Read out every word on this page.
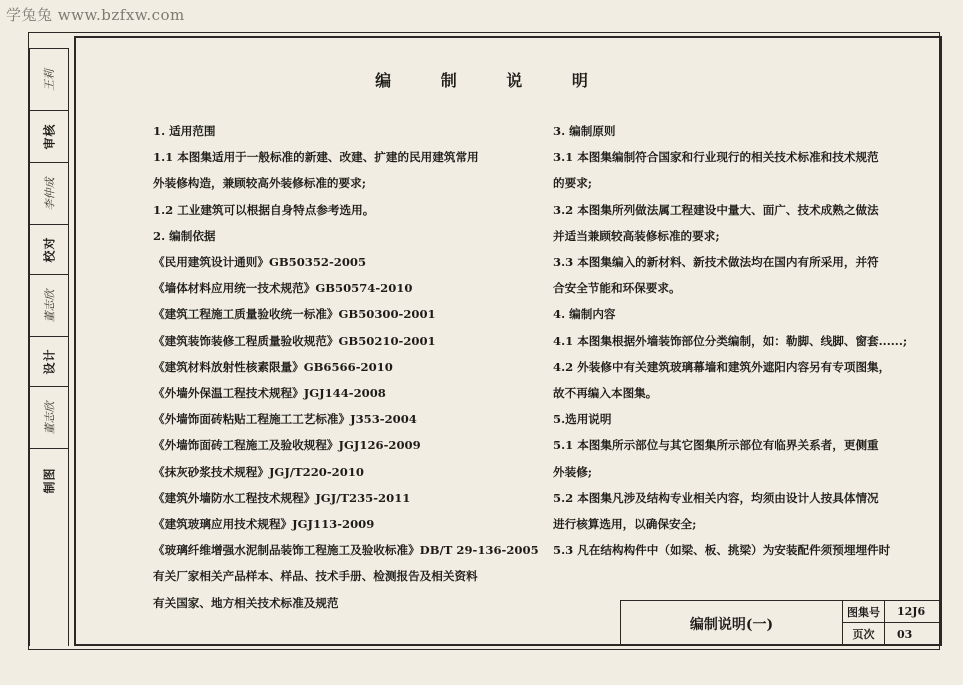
学兔兔 www.bzfxw.com
王莉
审核
李仲成
校对
董志欣
设计
董志欣
制图
编 制 说 明
1. 适用范围
1.1 本图集适用于一般标准的新建、改建、扩建的民用建筑常用
外装修构造，兼顾较高外装修标准的要求;
1.2 工业建筑可以根据自身特点参考选用。
2. 编制依据
《民用建筑设计通则》GB50352-2005
《墙体材料应用统一技术规范》GB50574-2010
《建筑工程施工质量验收统一标准》GB50300-2001
《建筑装饰装修工程质量验收规范》GB50210-2001
《建筑材料放射性核素限量》GB6566-2010
《外墙外保温工程技术规程》JGJ144-2008
《外墙饰面砖粘贴工程施工工艺标准》J353-2004
《外墙饰面砖工程施工及验收规程》JGJ126-2009
《抹灰砂浆技术规程》JGJ/T220-2010
《建筑外墙防水工程技术规程》JGJ/T235-2011
《建筑玻璃应用技术规程》JGJ113-2009
《玻璃纤维增强水泥制品装饰工程施工及验收标准》DB/T 29-136-2005
有关厂家相关产品样本、样品、技术手册、检测报告及相关资料
有关国家、地方相关技术标准及规范
3. 编制原则
3.1 本图集编制符合国家和行业现行的相关技术标准和技术规范
的要求;
3.2 本图集所列做法属工程建设中量大、面广、技术成熟之做法
并适当兼顾较高装修标准的要求;
3.3 本图集编入的新材料、新技术做法均在国内有所采用，并符
合安全节能和环保要求。
4. 编制内容
4.1 本图集根据外墙装饰部位分类编制，如：勒脚、线脚、窗套......;
4.2 外装修中有关建筑玻璃幕墙和建筑外遮阳内容另有专项图集，
故不再编入本图集。
5.选用说明
5.1 本图集所示部位与其它图集所示部位有临界关系者，更侧重
外装修;
5.2 本图集凡涉及结构专业相关内容，均须由设计人按具体情况
进行核算选用，以确保安全;
5.3 凡在结构构件中（如梁、板、挑梁）为安装配件须预埋埋件时
编制说明(一)
图集号	12J6
页次	03
